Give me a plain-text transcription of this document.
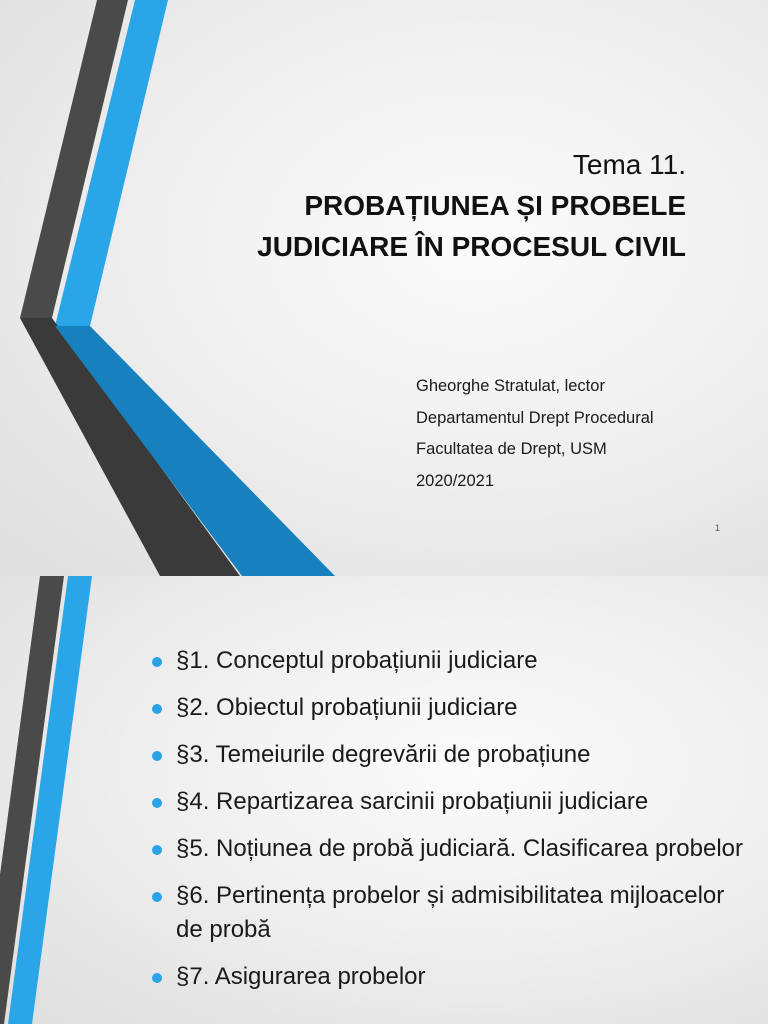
Tema 11.
PROBAȚIUNEA ȘI PROBELE
JUDICIARE ÎN PROCESUL CIVIL
Gheorghe Stratulat, lector
Departamentul Drept Procedural
Facultatea de Drept, USM
2020/2021
1
§1. Conceptul probațiunii judiciare
§2. Obiectul probațiunii judiciare
§3. Temeiurile degrevării de probațiune
§4. Repartizarea sarcinii probațiunii judiciare
§5. Noțiunea de probă judiciară. Clasificarea probelor
§6. Pertinența probelor și admisibilitatea mijloacelor de probă
§7. Asigurarea probelor
